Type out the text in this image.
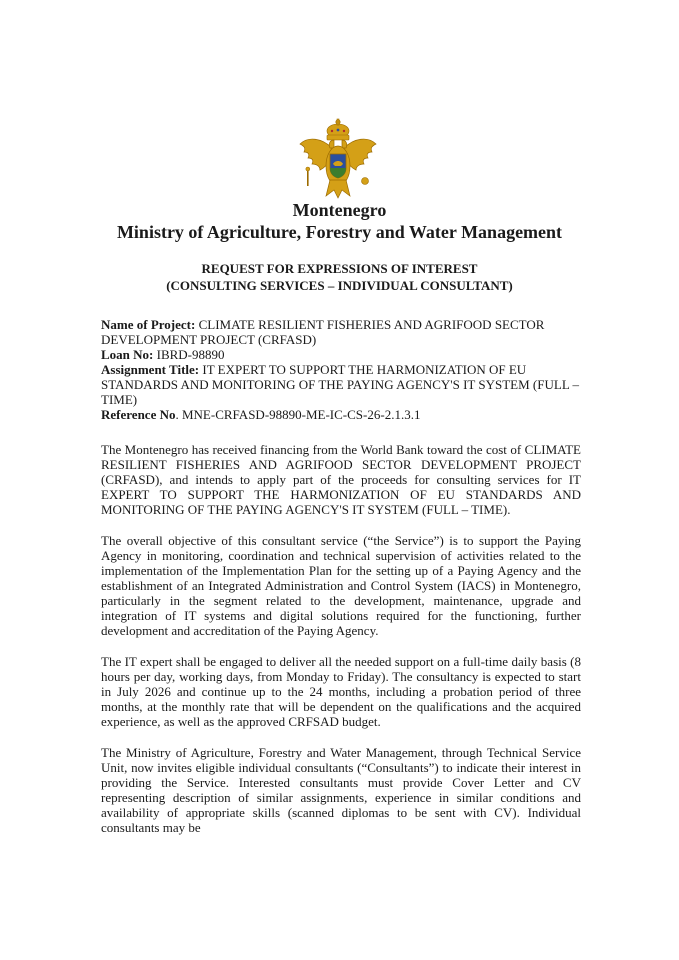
Montenegro
Ministry of Agriculture, Forestry and Water Management
REQUEST FOR EXPRESSIONS OF INTEREST
(CONSULTING SERVICES – INDIVIDUAL CONSULTANT)
Name of Project: CLIMATE RESILIENT FISHERIES AND AGRIFOOD SECTOR DEVELOPMENT PROJECT (CRFASD)
Loan No: IBRD-98890
Assignment Title: IT EXPERT TO SUPPORT THE HARMONIZATION OF EU STANDARDS AND MONITORING OF THE PAYING AGENCY'S IT SYSTEM (FULL – TIME)
Reference No. MNE-CRFASD-98890-ME-IC-CS-26-2.1.3.1

The Montenegro has received financing from the World Bank toward the cost of CLIMATE RESILIENT FISHERIES AND AGRIFOOD SECTOR DEVELOPMENT PROJECT (CRFASD), and intends to apply part of the proceeds for consulting services for IT EXPERT TO SUPPORT THE HARMONIZATION OF EU STANDARDS AND MONITORING OF THE PAYING AGENCY'S IT SYSTEM (FULL – TIME).

The overall objective of this consultant service (“the Service”) is to support the Paying Agency in monitoring, coordination and technical supervision of activities related to the implementation of the Implementation Plan for the setting up of a Paying Agency and the establishment of an Integrated Administration and Control System (IACS) in Montenegro, particularly in the segment related to the development, maintenance, upgrade and integration of IT systems and digital solutions required for the functioning, further development and accreditation of the Paying Agency.

The IT expert shall be engaged to deliver all the needed support on a full-time daily basis (8 hours per day, working days, from Monday to Friday). The consultancy is expected to start in July 2026 and continue up to the 24 months, including a probation period of three months, at the monthly rate that will be dependent on the qualifications and the acquired experience, as well as the approved CRFSAD budget.

The Ministry of Agriculture, Forestry and Water Management, through Technical Service Unit, now invites eligible individual consultants (“Consultants”) to indicate their interest in providing the Service. Interested consultants must provide Cover Letter and CV representing description of similar assignments, experience in similar conditions and availability of appropriate skills (scanned diplomas to be sent with CV). Individual consultants may be
